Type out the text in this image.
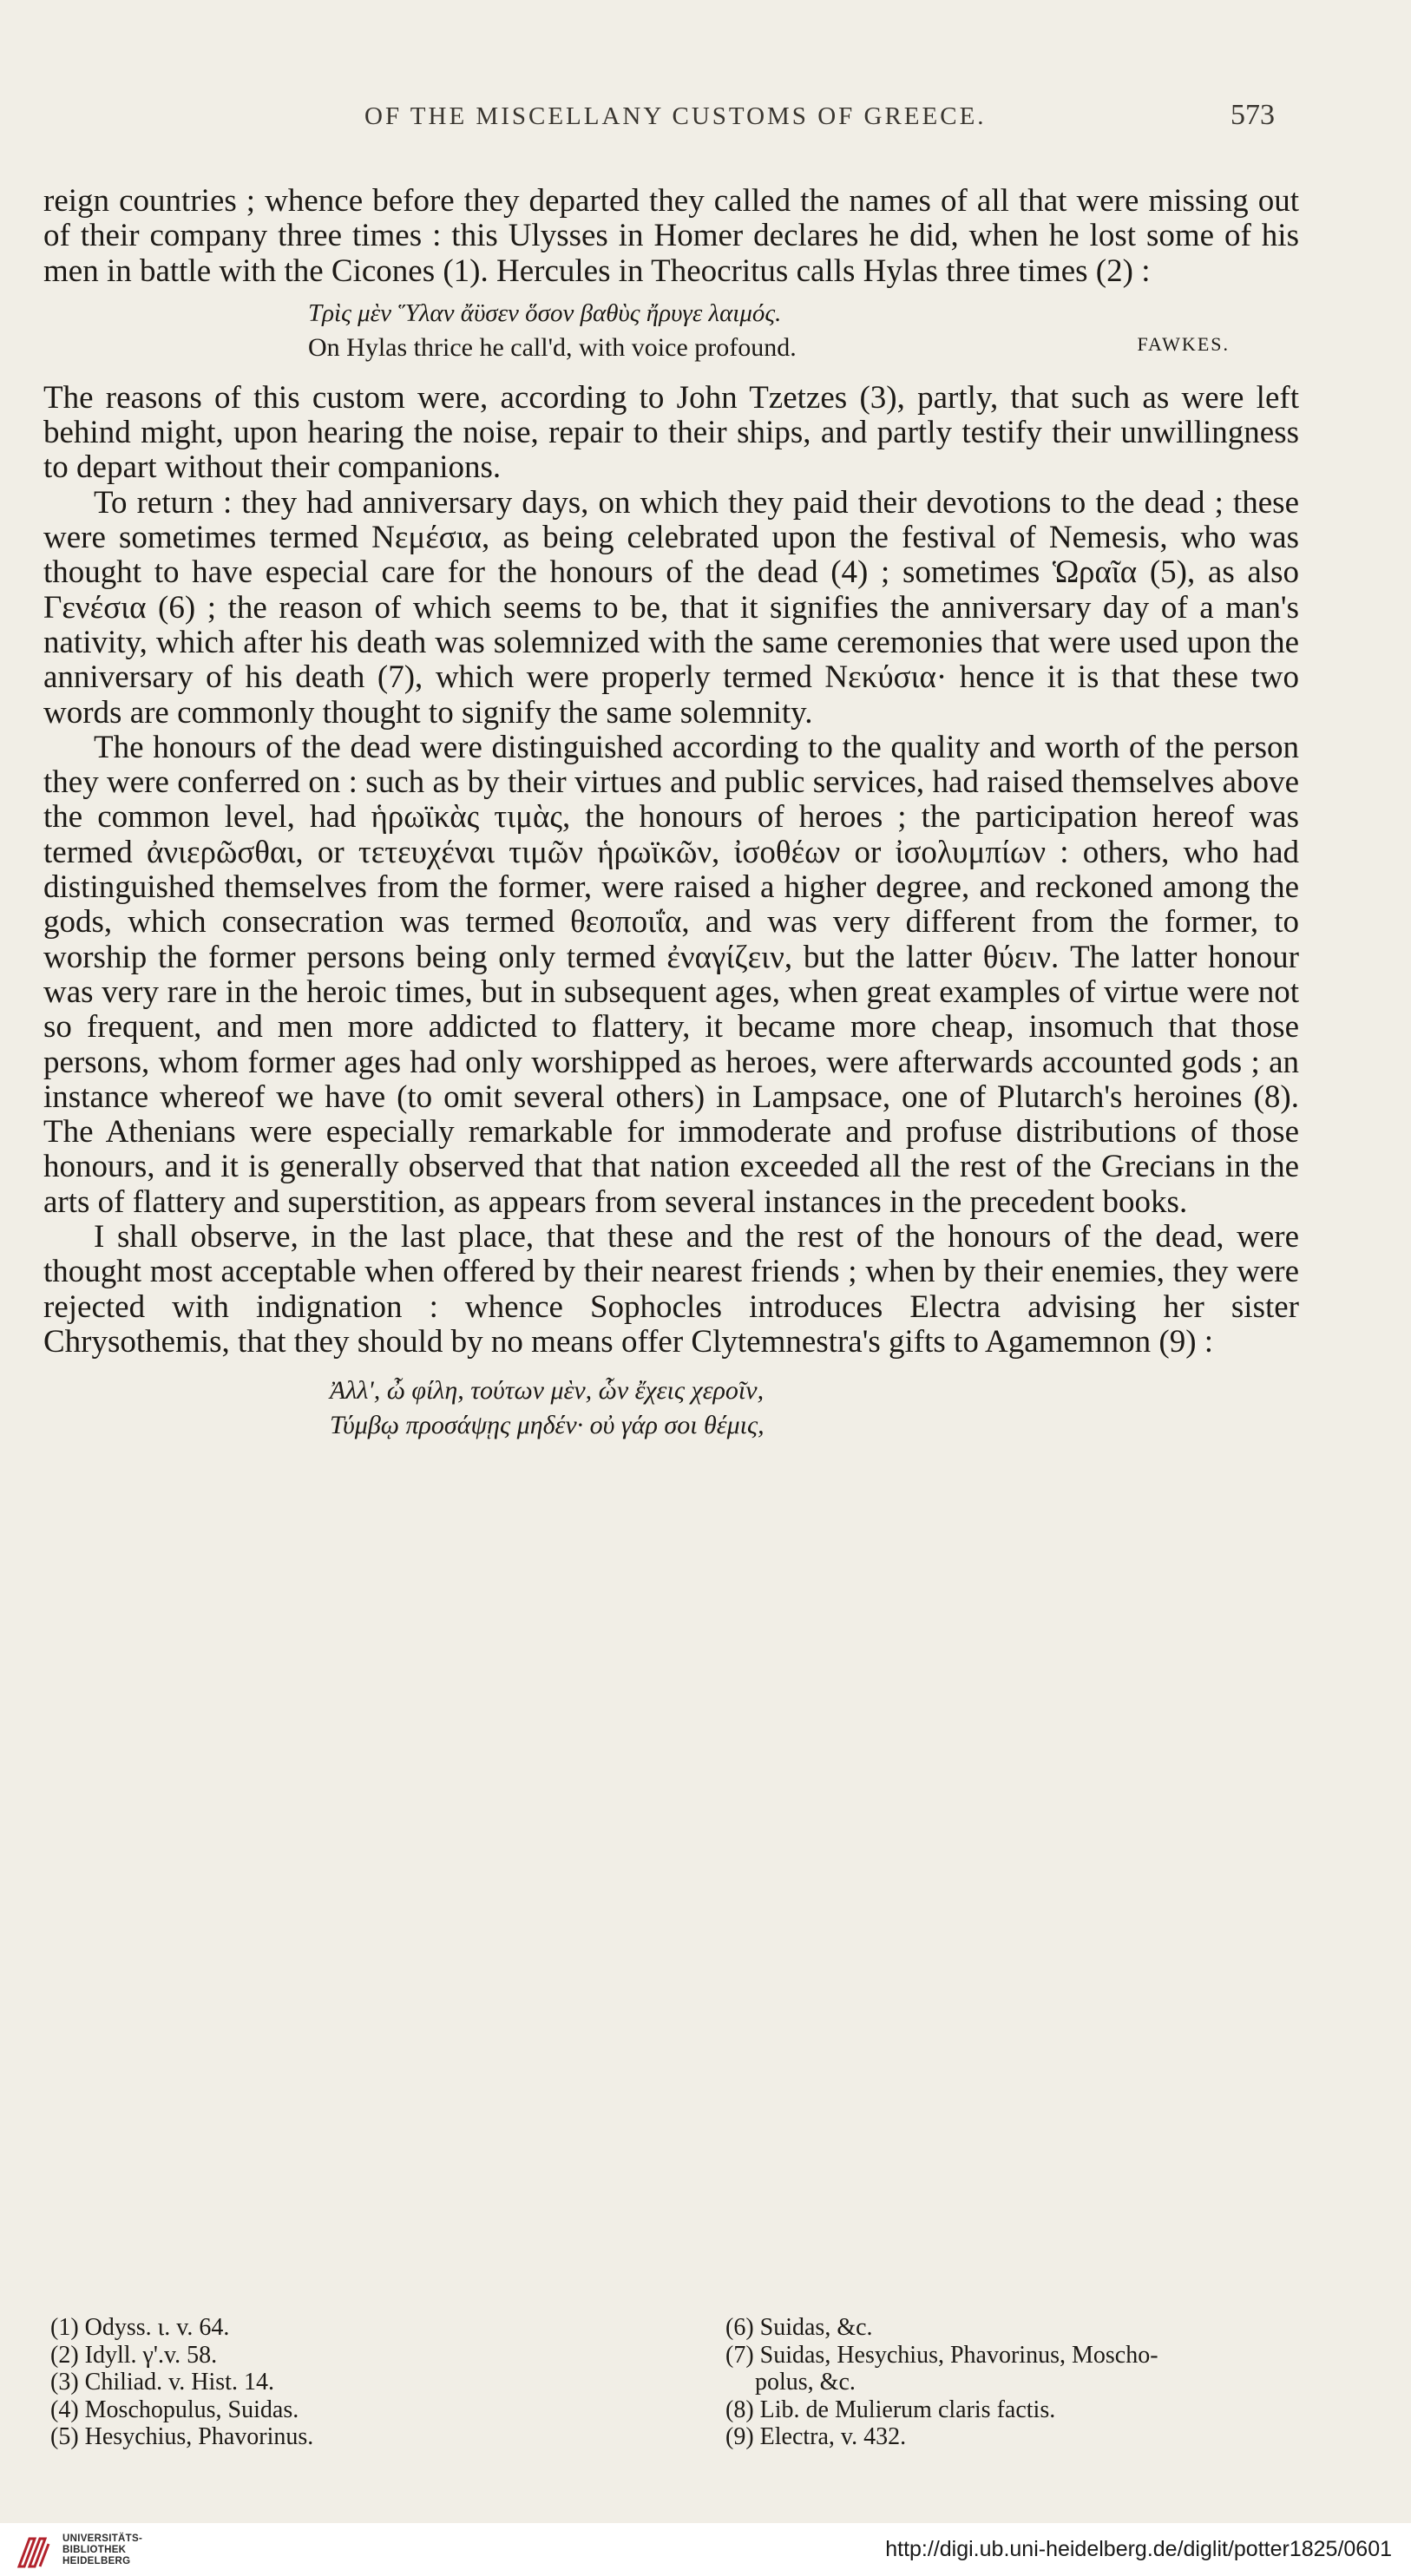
OF THE MISCELLANY CUSTOMS OF GREECE.	573

reign countries ; whence before they departed they called the names of all that were missing out of their company three times : this Ulysses in Homer declares he did, when he lost some of his men in battle with the Cicones (1). Hercules in Theocritus calls Hylas three times (2) :

Τρὶς μὲν Ὕλαν ἄϋσεν ὅσον βαθὺς ἤρυγε λαιμός.
On Hylas thrice he call'd, with voice profound.	FAWKES.

The reasons of this custom were, according to John Tzetzes (3), partly, that such as were left behind might, upon hearing the noise, repair to their ships, and partly testify their unwillingness to depart without their companions.

To return : they had anniversary days, on which they paid their devotions to the dead ; these were sometimes termed Νεμέσια, as being celebrated upon the festival of Nemesis, who was thought to have especial care for the honours of the dead (4) ; sometimes Ὡραῖα (5), as also Γενέσια (6) ; the reason of which seems to be, that it signifies the anniversary day of a man's nativity, which after his death was solemnized with the same ceremonies that were used upon the anniversary of his death (7), which were properly termed Νεκύσια· hence it is that these two words are commonly thought to signify the same solemnity.

The honours of the dead were distinguished according to the quality and worth of the person they were conferred on : such as by their virtues and public services, had raised themselves above the common level, had ἡρωϊκὰς τιμὰς, the honours of heroes ; the participation hereof was termed ἀνιερῶσθαι, or τετευχέναι τιμῶν ἡρωϊκῶν, ἰσοθέων or ἰσολυμπίων : others, who had distinguished themselves from the former, were raised a higher degree, and reckoned among the gods, which consecration was termed θεοποιΐα, and was very different from the former, to worship the former persons being only termed ἐναγίζειν, but the latter θύειν. The latter honour was very rare in the heroic times, but in subsequent ages, when great examples of virtue were not so frequent, and men more addicted to flattery, it became more cheap, insomuch that those persons, whom former ages had only worshipped as heroes, were afterwards accounted gods ; an instance whereof we have (to omit several others) in Lampsace, one of Plutarch's heroines (8). The Athenians were especially remarkable for immoderate and profuse distributions of those honours, and it is generally observed that that nation exceeded all the rest of the Grecians in the arts of flattery and superstition, as appears from several instances in the precedent books.

I shall observe, in the last place, that these and the rest of the honours of the dead, were thought most acceptable when offered by their nearest friends ; when by their enemies, they were rejected with indignation : whence Sophocles introduces Electra advising her sister Chrysothemis, that they should by no means offer Clytemnestra's gifts to Agamemnon (9) :

Ἀλλ', ὦ φίλη, τούτων μὲν, ὧν ἔχεις χεροῖν,
Τύμβῳ προσάψῃς μηδέν· οὐ γάρ σοι θέμις,
(1) Odyss. ι. v. 64.
(2) Idyll. γ'.v. 58.
(3) Chiliad. v. Hist. 14.
(4) Moschopulus, Suidas.
(5) Hesychius, Phavorinus.
(6) Suidas, &c.
(7) Suidas, Hesychius, Phavorinus, Moscho-
polus, &c.
(8) Lib. de Mulierum claris factis.
(9) Electra, v. 432.
UNIVERSITÄTS-
BIBLIOTHEK
HEIDELBERG	http://digi.ub.uni-heidelberg.de/diglit/potter1825/0601
